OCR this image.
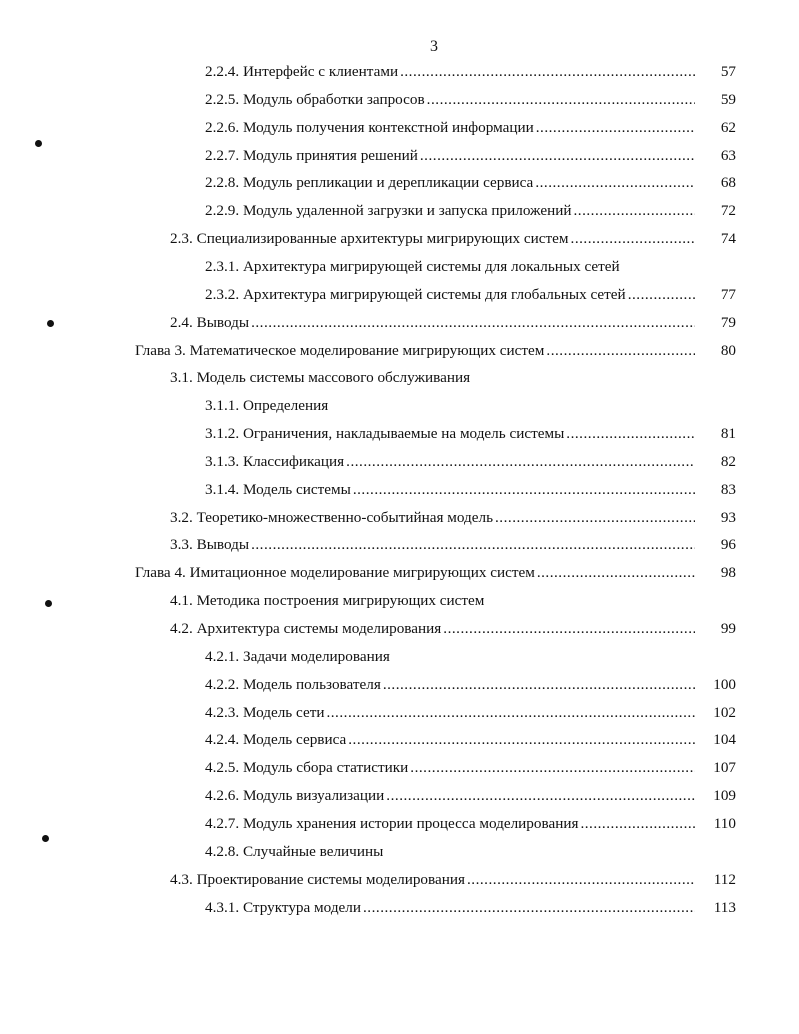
3
2.2.4. Интерфейс с клиентами .....	57
2.2.5. Модуль обработки запросов .....	59
2.2.6. Модуль получения контекстной информации .....	62
2.2.7. Модуль принятия решений .....	63
2.2.8. Модуль репликации и дерепликации сервиса .....	68
2.2.9. Модуль удаленной загрузки и запуска приложений .....	72
2.3. Специализированные архитектуры мигрирующих систем .....	74
2.3.1. Архитектура мигрирующей системы для локальных сетей
2.3.2. Архитектура мигрирующей системы для глобальных сетей .....	77
2.4. Выводы .....	79
Глава 3. Математическое моделирование мигрирующих систем .....	80
3.1. Модель системы массового обслуживания
3.1.1. Определения
3.1.2. Ограничения, накладываемые на модель системы .....	81
3.1.3. Классификация .....	82
3.1.4. Модель системы .....	83
3.2. Теоретико-множественно-событийная модель .....	93
3.3. Выводы .....	96
Глава 4. Имитационное моделирование мигрирующих систем .....	98
4.1. Методика построения мигрирующих систем
4.2. Архитектура системы моделирования .....	99
4.2.1. Задачи моделирования
4.2.2. Модель пользователя .....	100
4.2.3. Модель сети .....	102
4.2.4. Модель сервиса .....	104
4.2.5. Модуль сбора статистики .....	107
4.2.6. Модуль визуализации .....	109
4.2.7. Модуль хранения истории процесса моделирования .....	110
4.2.8. Случайные величины
4.3. Проектирование системы моделирования .....	112
4.3.1. Структура модели .....	113
